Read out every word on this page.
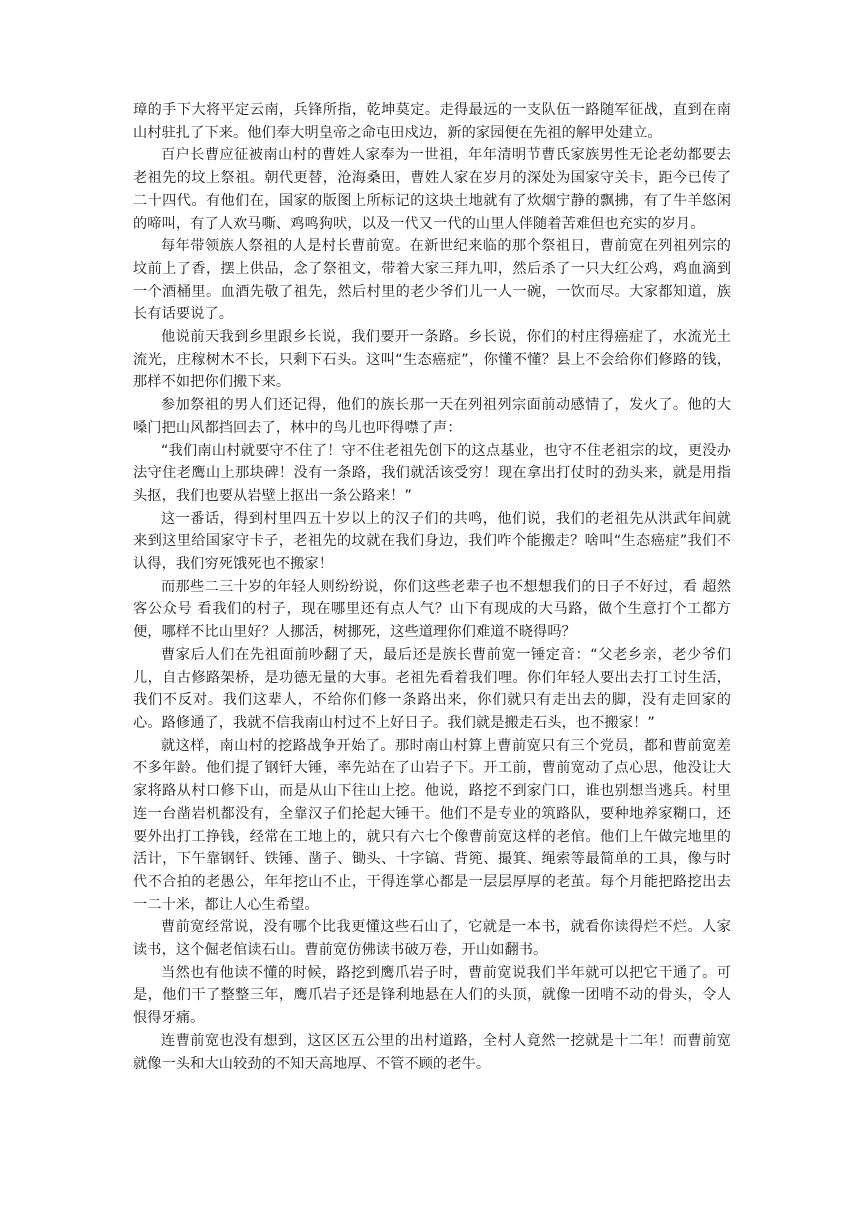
璋的手下大将平定云南，兵锋所指，乾坤莫定。走得最远的一支队伍一路随军征战，直到在南山村驻扎了下来。他们奉大明皇帝之命屯田戍边，新的家园便在先祖的解甲处建立。

百户长曹应征被南山村的曹姓人家奉为一世祖，年年清明节曹氏家族男性无论老幼都要去老祖先的坟上祭祖。朝代更替，沧海桑田，曹姓人家在岁月的深处为国家守关卡，距今已传了二十四代。有他们在，国家的版图上所标记的这块土地就有了炊烟宁静的飘拂，有了牛羊悠闲的啼叫，有了人欢马嘶、鸡鸣狗吠，以及一代又一代的山里人伴随着苦难但也充实的岁月。

每年带领族人祭祖的人是村长曹前宽。在新世纪来临的那个祭祖日，曹前宽在列祖列宗的坟前上了香，摆上供品，念了祭祖文，带着大家三拜九叩，然后杀了一只大红公鸡，鸡血滴到一个酒桶里。血酒先敬了祖先，然后村里的老少爷们儿一人一碗，一饮而尽。大家都知道，族长有话要说了。

他说前天我到乡里跟乡长说，我们要开一条路。乡长说，你们的村庄得癌症了，水流光土流光，庄稼树木不长，只剩下石头。这叫“生态癌症”，你懂不懂？县上不会给你们修路的钱，那样不如把你们搬下来。

参加祭祖的男人们还记得，他们的族长那一天在列祖列宗面前动感情了，发火了。他的大嗓门把山风都挡回去了，林中的鸟儿也吓得噤了声：

“我们南山村就要守不住了！守不住老祖先创下的这点基业，也守不住老祖宗的坟，更没办法守住老鹰山上那块碑！没有一条路，我们就活该受穷！现在拿出打仗时的劲头来，就是用指头抠，我们也要从岩壁上抠出一条公路来！”

这一番话，得到村里四五十岁以上的汉子们的共鸣，他们说，我们的老祖先从洪武年间就来到这里给国家守卡子，老祖先的坟就在我们身边，我们咋个能搬走？啥叫“生态癌症”我们不认得，我们穷死饿死也不搬家！

而那些二三十岁的年轻人则纷纷说，你们这些老辈子也不想想我们的日子不好过，看 超然客公众号 看我们的村子，现在哪里还有点人气？山下有现成的大马路，做个生意打个工都方便，哪样不比山里好？人挪活，树挪死，这些道理你们难道不晓得吗？

曹家后人们在先祖面前吵翻了天，最后还是族长曹前宽一锤定音：“父老乡亲，老少爷们儿，自古修路架桥，是功德无量的大事。老祖先看着我们哩。你们年轻人要出去打工讨生活，我们不反对。我们这辈人，不给你们修一条路出来，你们就只有走出去的脚，没有走回家的心。路修通了，我就不信我南山村过不上好日子。我们就是搬走石头，也不搬家！”

就这样，南山村的挖路战争开始了。那时南山村算上曹前宽只有三个党员，都和曹前宽差不多年龄。他们提了钢钎大锤，率先站在了山岩子下。开工前，曹前宽动了点心思，他没让大家将路从村口修下山，而是从山下往山上挖。他说，路挖不到家门口，谁也别想当逃兵。村里连一台凿岩机都没有，全靠汉子们抡起大锤干。他们不是专业的筑路队，要种地养家糊口，还要外出打工挣钱，经常在工地上的，就只有六七个像曹前宽这样的老倌。他们上午做完地里的活计，下午靠钢钎、铁锤、凿子、锄头、十字镐、背篼、撮箕、绳索等最简单的工具，像与时代不合拍的老愚公，年年挖山不止，干得连掌心都是一层层厚厚的老茧。每个月能把路挖出去一二十米，都让人心生希望。

曹前宽经常说，没有哪个比我更懂这些石山了，它就是一本书，就看你读得烂不烂。人家读书，这个倔老倌读石山。曹前宽仿佛读书破万卷，开山如翻书。

当然也有他读不懂的时候，路挖到鹰爪岩子时，曹前宽说我们半年就可以把它干通了。可是，他们干了整整三年，鹰爪岩子还是锋利地悬在人们的头顶，就像一团啃不动的骨头，令人恨得牙痛。

连曹前宽也没有想到，这区区五公里的出村道路，全村人竟然一挖就是十二年！而曹前宽就像一头和大山较劲的不知天高地厚、不管不顾的老牛。
